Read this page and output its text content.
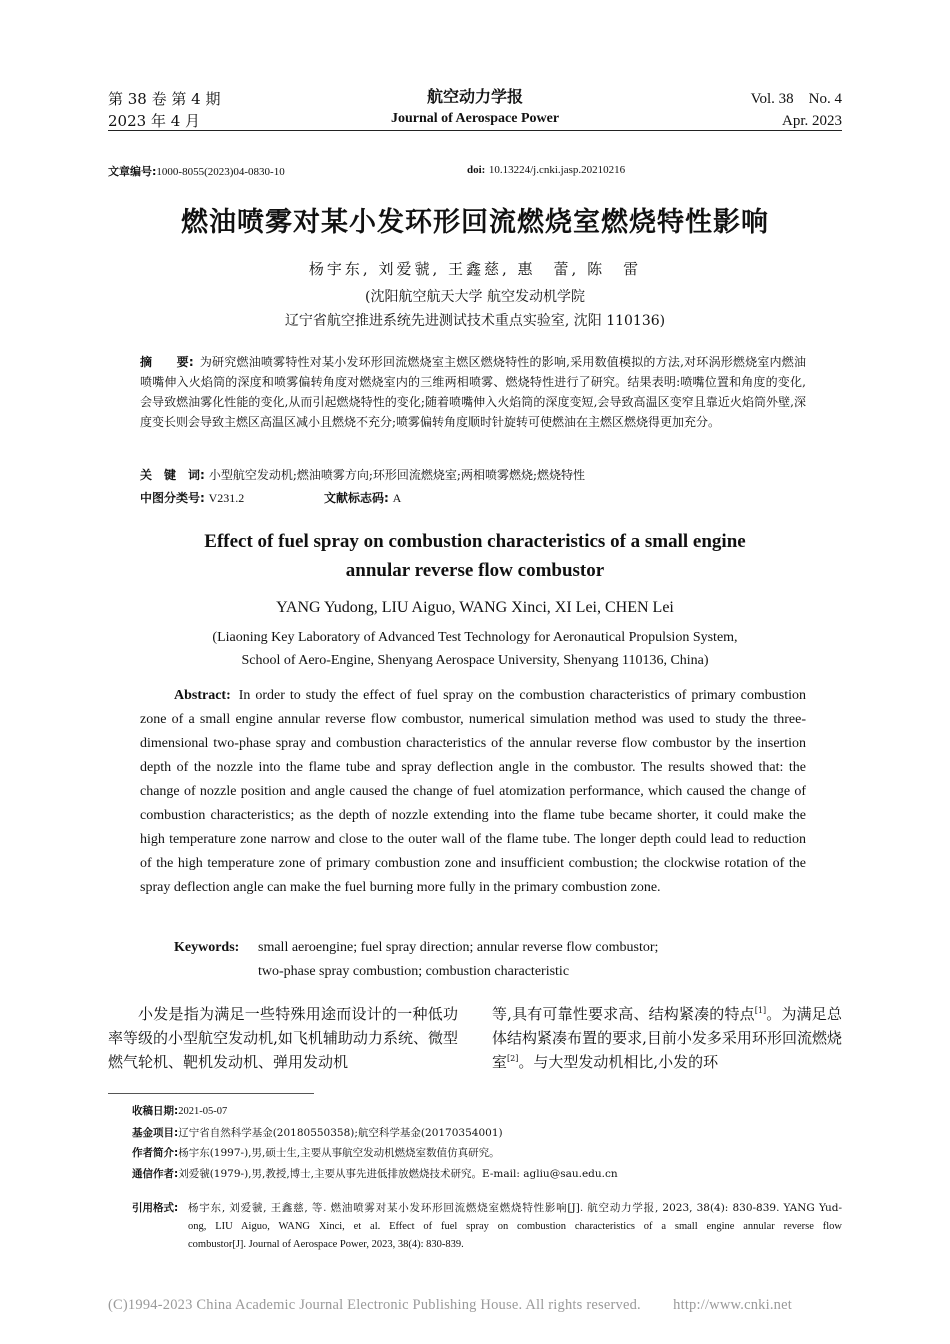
第 38 卷 第 4 期
2023 年 4 月
航空动力学报
Journal of Aerospace Power
Vol. 38    No. 4
Apr. 2023
文章编号:1000-8055(2023)04-0830-10	doi: 10.13224/j.cnki.jasp.20210216
燃油喷雾对某小发环形回流燃烧室燃烧特性影响
杨宇东, 刘爱虢, 王鑫慈, 惠　蕾, 陈　雷
(沈阳航空航天大学 航空发动机学院
辽宁省航空推进系统先进测试技术重点实验室, 沈阳 110136)
摘　　要: 为研究燃油喷雾特性对某小发环形回流燃烧室主燃区燃烧特性的影响,采用数值模拟的方法,对环涡形燃烧室内燃油喷嘴伸入火焰筒的深度和喷雾偏转角度对燃烧室内的三维两相喷雾、燃烧特性进行了研究。结果表明:喷嘴位置和角度的变化,会导致燃油雾化性能的变化,从而引起燃烧特性的变化;随着喷嘴伸入火焰筒的深度变短,会导致高温区变窄且靠近火焰筒外壁,深度变长则会导致主燃区高温区减小且燃烧不充分;喷雾偏转角度顺时针旋转可使燃油在主燃区燃烧得更加充分。
关　键　词: 小型航空发动机;燃油喷雾方向;环形回流燃烧室;两相喷雾燃烧;燃烧特性
中图分类号: V231.2	文献标志码: A
Effect of fuel spray on combustion characteristics of a small engine
annular reverse flow combustor
YANG Yudong, LIU Aiguo, WANG Xinci, XI Lei, CHEN Lei
(Liaoning Key Laboratory of Advanced Test Technology for Aeronautical Propulsion System,
School of Aero-Engine, Shenyang Aerospace University, Shenyang 110136, China)
Abstract: In order to study the effect of fuel spray on the combustion characteristics of primary combustion zone of a small engine annular reverse flow combustor, numerical simulation method was used to study the three-dimensional two-phase spray and combustion characteristics of the annular reverse flow combustor by the insertion depth of the nozzle into the flame tube and spray deflection angle in the combustor. The results showed that: the change of nozzle position and angle caused the change of fuel atomization performance, which caused the change of combustion characteristics; as the depth of nozzle extending into the flame tube became shorter, it could make the high temperature zone narrow and close to the outer wall of the flame tube. The longer depth could lead to reduction of the high temperature zone of primary combustion zone and insufficient combustion; the clockwise rotation of the spray deflection angle can make the fuel burning more fully in the primary combustion zone.
Keywords: small aeroengine; fuel spray direction; annular reverse flow combustor;
two-phase spray combustion; combustion characteristic
小发是指为满足一些特殊用途而设计的一种低功率等级的小型航空发动机,如飞机辅助动力系统、微型燃气轮机、靶机发动机、弹用发动机
等,具有可靠性要求高、结构紧凑的特点[1]。为满足总体结构紧凑布置的要求,目前小发多采用环形回流燃烧室[2]。与大型发动机相比,小发的环
收稿日期:2021-05-07
基金项目:辽宁省自然科学基金(20180550358);航空科学基金(20170354001)
作者简介:杨宇东(1997-),男,硕士生,主要从事航空发动机燃烧室数值仿真研究。
通信作者:刘爱虢(1979-),男,教授,博士,主要从事先进低排放燃烧技术研究。E-mail: agliu@sau.edu.cn
引用格式: 杨宇东, 刘爱虢, 王鑫慈, 等. 燃油喷雾对某小发环形回流燃烧室燃烧特性影响[J]. 航空动力学报, 2023, 38(4): 830-839. YANG Yud-
ong, LIU Aiguo, WANG Xinci, et al. Effect of fuel spray on combustion characteristics of a small engine annular reverse flow
combustor[J]. Journal of Aerospace Power, 2023, 38(4): 830-839.
(C)1994-2023 China Academic Journal Electronic Publishing House. All rights reserved. http://www.cnki.net
